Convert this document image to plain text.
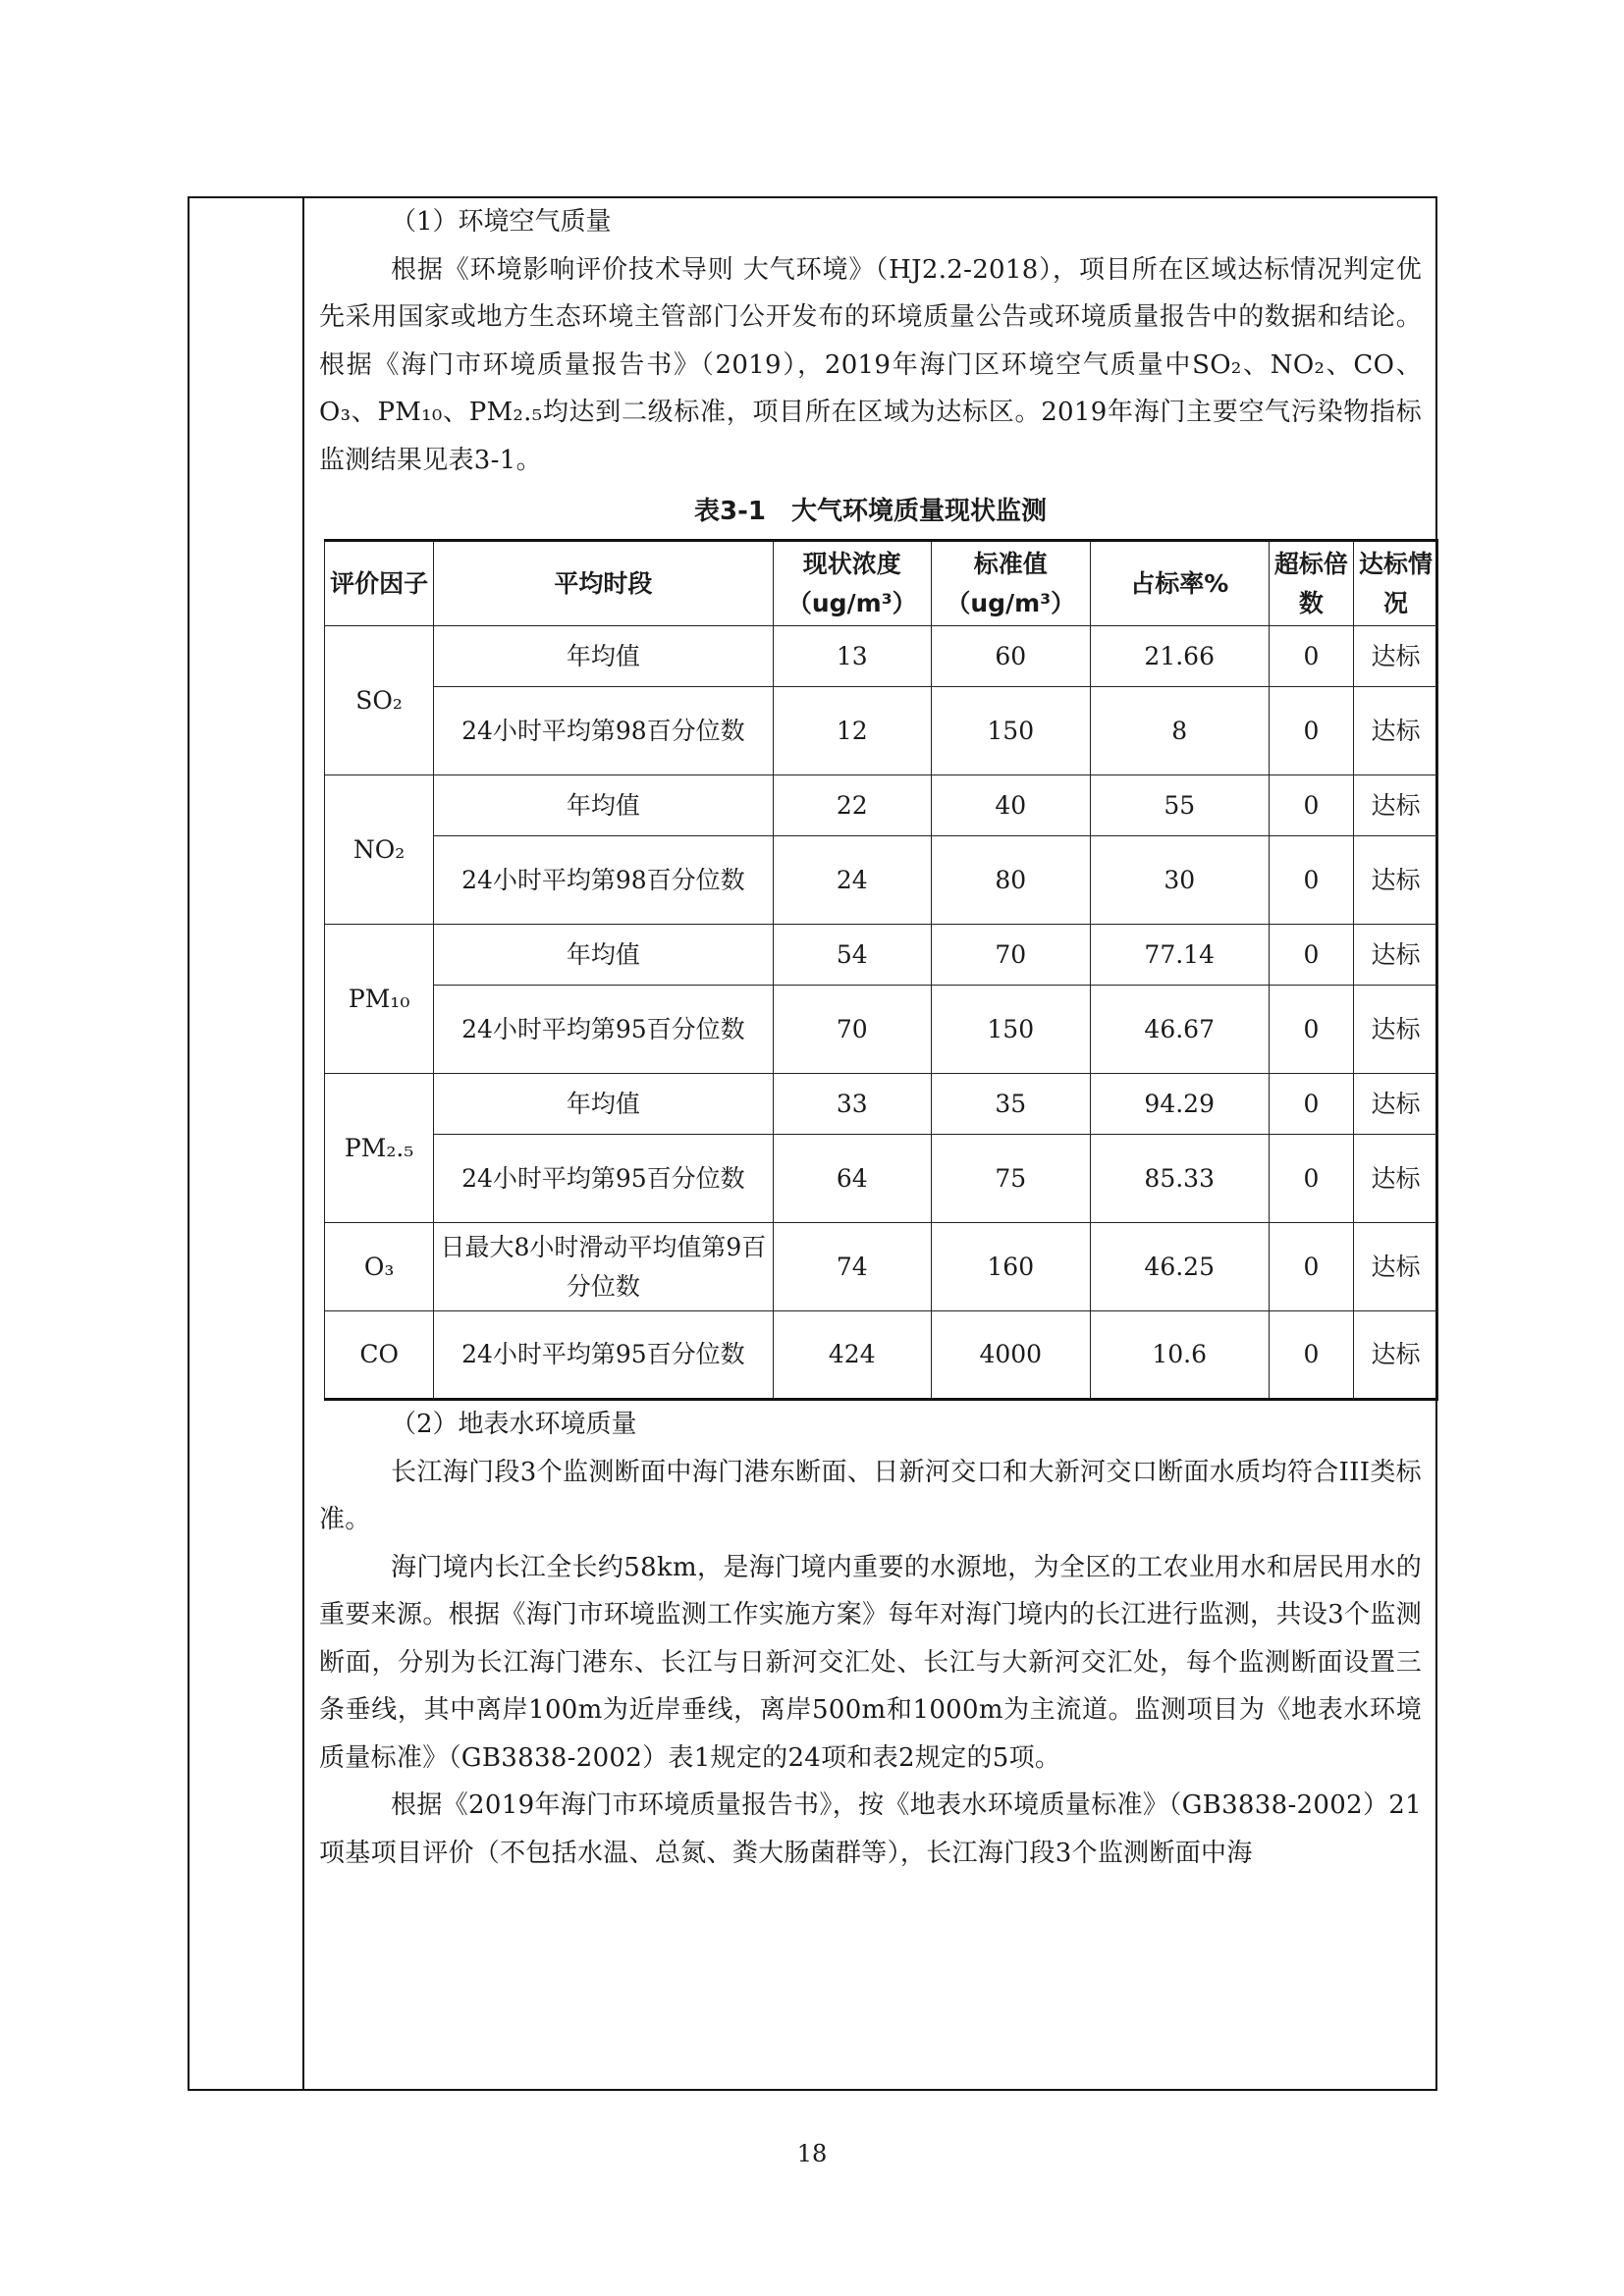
（1）环境空气质量

根据《环境影响评价技术导则 大气环境》（HJ2.2-2018），项目所在区域达标情况判定优先采用国家或地方生态环境主管部门公开发布的环境质量公告或环境质量报告中的数据和结论。根据《海门市环境质量报告书》（2019），2019年海门区环境空气质量中SO₂、NO₂、CO、O₃、PM₁₀、PM₂.₅均达到二级标准，项目所在区域为达标区。2019年海门主要空气污染物指标监测结果见表3-1。

表3-1　大气环境质量现状监测

评价因子	平均时段	现状浓度（ug/m³）	标准值（ug/m³）	占标率%	超标倍数	达标情况
SO₂	年均值	13	60	21.66	0	达标
	24小时平均第98百分位数	12	150	8	0	达标
NO₂	年均值	22	40	55	0	达标
	24小时平均第98百分位数	24	80	30	0	达标
PM₁₀	年均值	54	70	77.14	0	达标
	24小时平均第95百分位数	70	150	46.67	0	达标
PM₂.₅	年均值	33	35	94.29	0	达标
	24小时平均第95百分位数	64	75	85.33	0	达标
O₃	日最大8小时滑动平均值第9百分位数	74	160	46.25	0	达标
CO	24小时平均第95百分位数	424	4000	10.6	0	达标

（2）地表水环境质量

长江海门段3个监测断面中海门港东断面、日新河交口和大新河交口断面水质均符合III类标准。

海门境内长江全长约58km，是海门境内重要的水源地，为全区的工农业用水和居民用水的重要来源。根据《海门市环境监测工作实施方案》每年对海门境内的长江进行监测，共设3个监测断面，分别为长江海门港东、长江与日新河交汇处、长江与大新河交汇处，每个监测断面设置三条垂线，其中离岸100m为近岸垂线，离岸500m和1000m为主流道。监测项目为《地表水环境质量标准》（GB3838-2002）表1规定的24项和表2规定的5项。

根据《2019年海门市环境质量报告书》，按《地表水环境质量标准》（GB3838-2002）21项基项目评价（不包括水温、总氮、粪大肠菌群等），长江海门段3个监测断面中海

18
